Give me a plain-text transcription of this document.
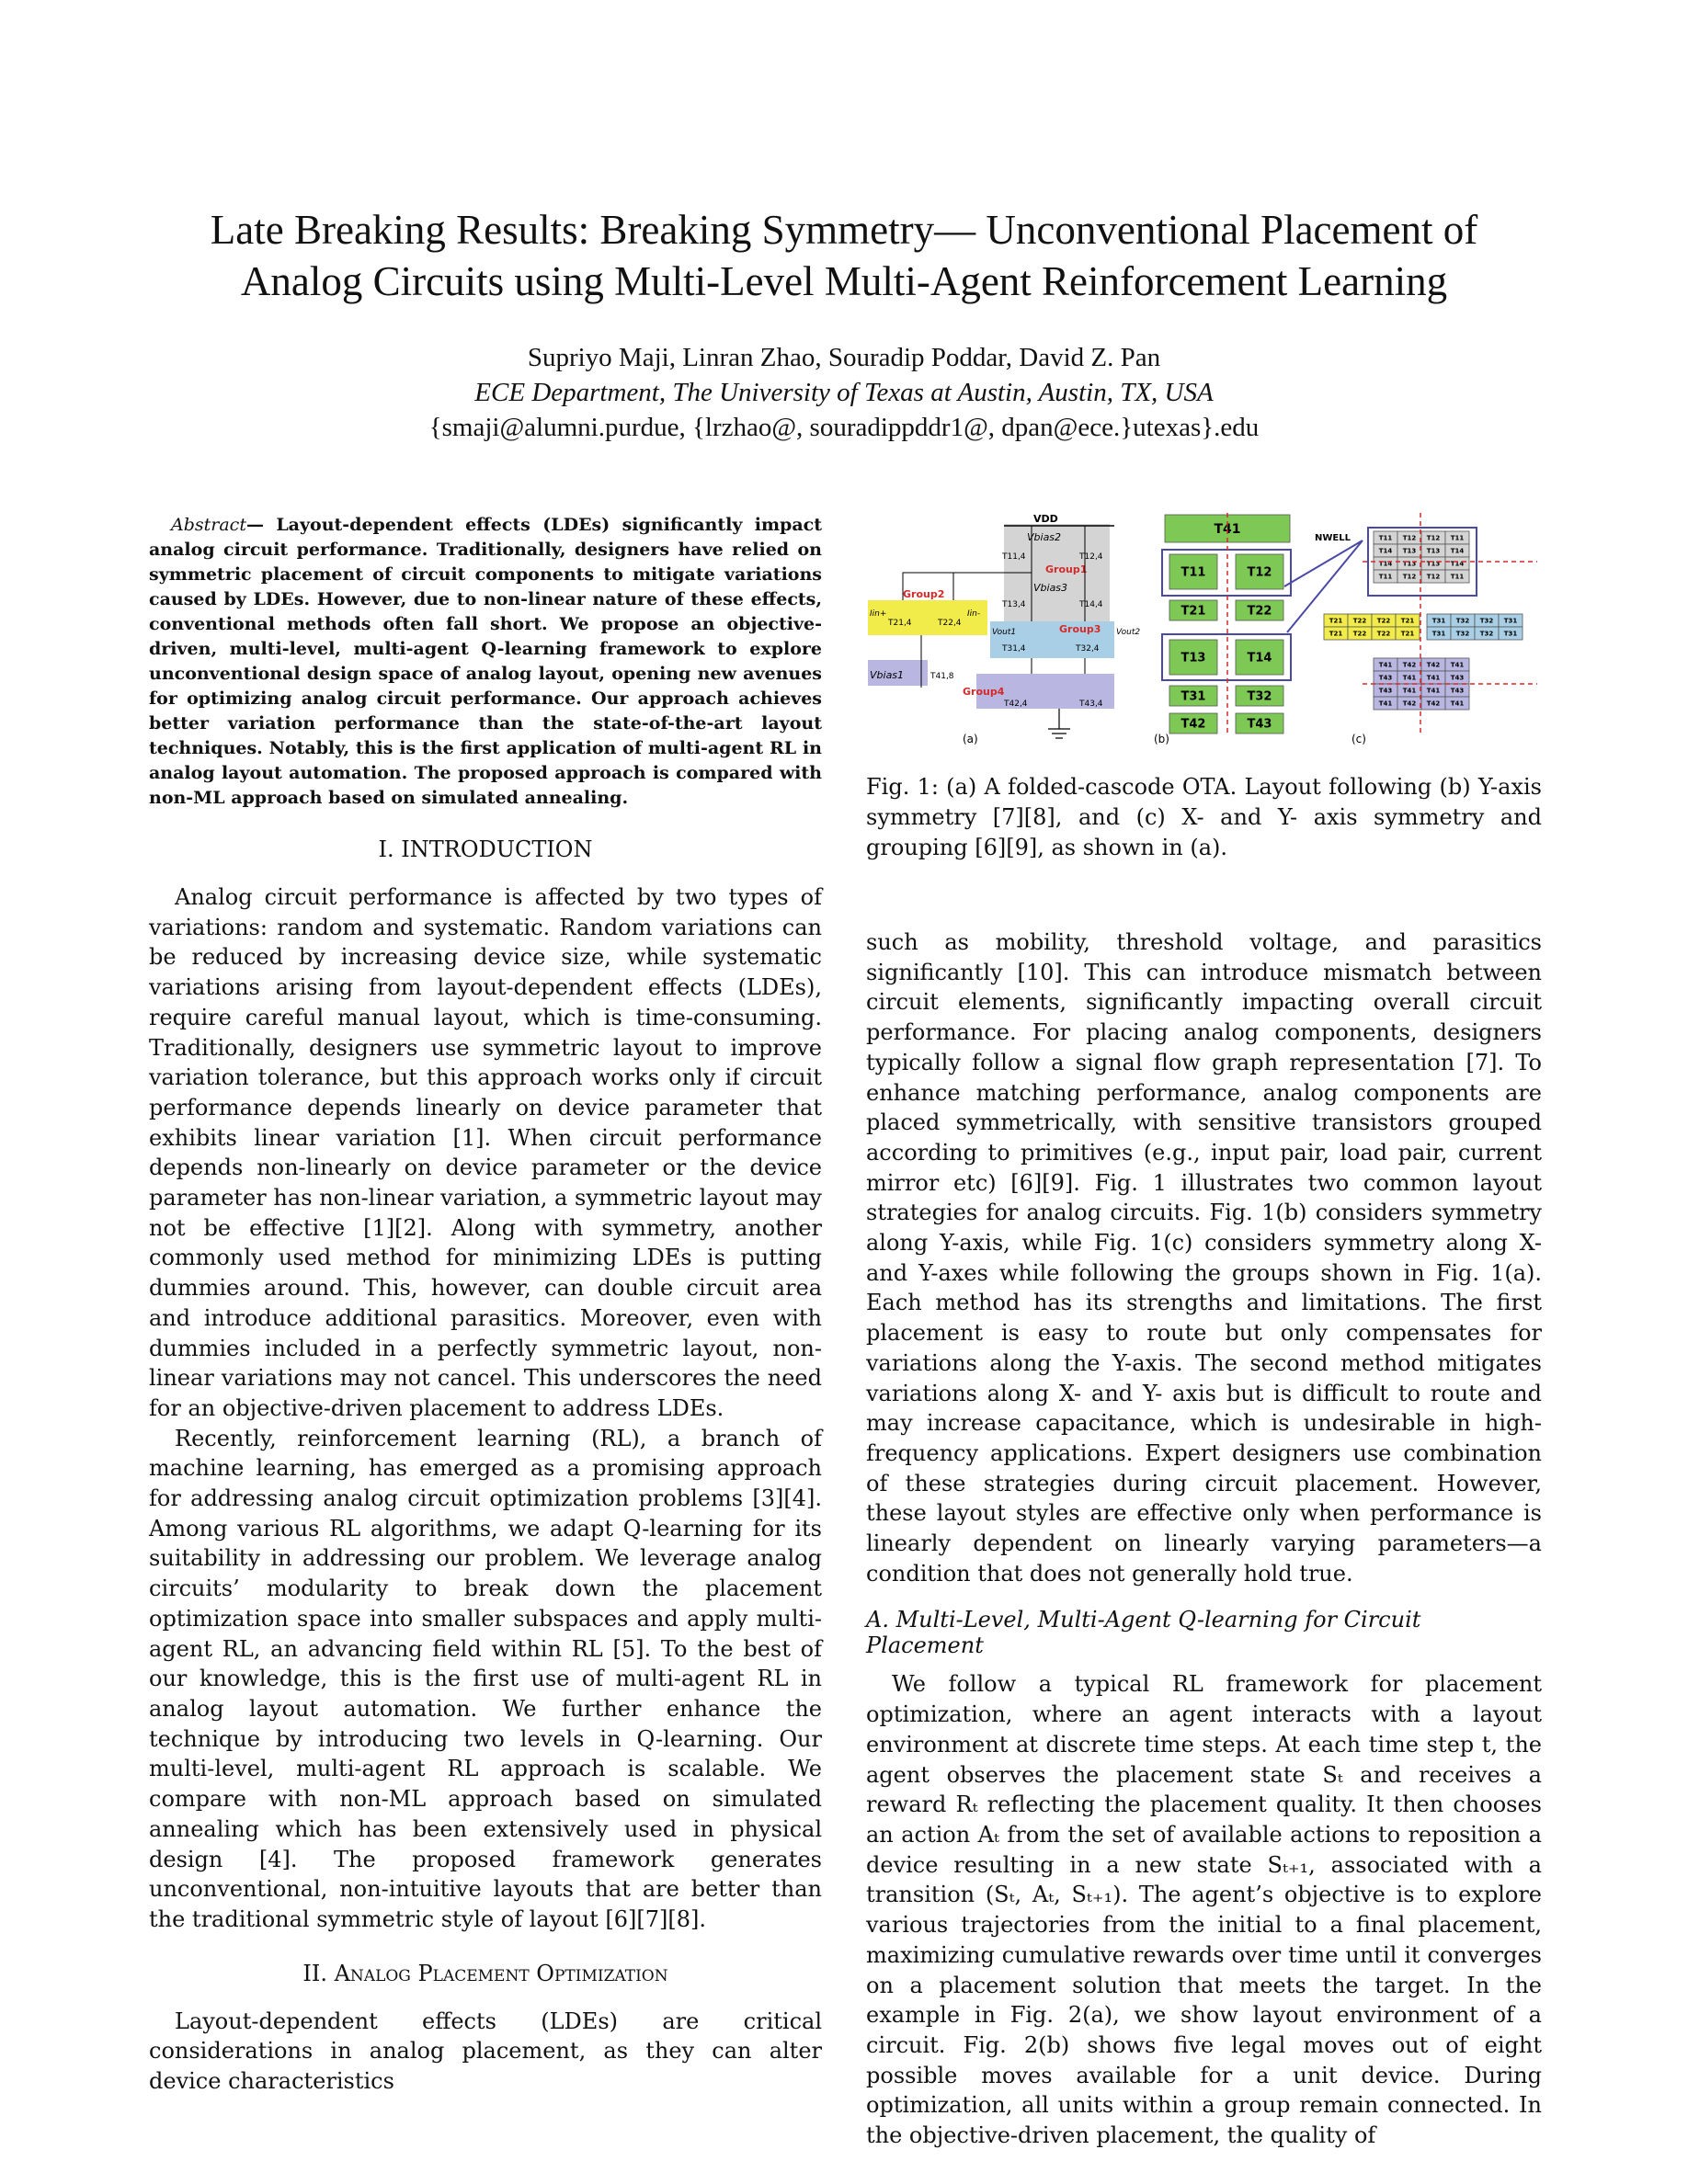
Late Breaking Results: Breaking Symmetry— Unconventional Placement of
Analog Circuits using Multi-Level Multi-Agent Reinforcement Learning
Supriyo Maji, Linran Zhao, Souradip Poddar, David Z. Pan
ECE Department, The University of Texas at Austin, Austin, TX, USA
{smaji@alumni.purdue, {lrzhao@, souradippddr1@, dpan@ece.}utexas}.edu

Abstract— Layout-dependent effects (LDEs) significantly impact analog circuit performance. Traditionally, designers have relied on symmetric placement of circuit components to mitigate variations caused by LDEs. However, due to non-linear nature of these effects, conventional methods often fall short. We propose an objective-driven, multi-level, multi-agent Q-learning framework to explore unconventional design space of analog layout, opening new avenues for optimizing analog circuit performance. Our approach achieves better variation performance than the state-of-the-art layout techniques. Notably, this is the first application of multi-agent RL in analog layout automation. The proposed approach is compared with non-ML approach based on simulated annealing.

I. INTRODUCTION

Analog circuit performance is affected by two types of variations: random and systematic. Random variations can be reduced by increasing device size, while systematic variations arising from layout-dependent effects (LDEs), require careful manual layout, which is time-consuming. Traditionally, designers use symmetric layout to improve variation tolerance, but this approach works only if circuit performance depends linearly on device parameter that exhibits linear variation [1]. When circuit performance depends non-linearly on device parameter or the device parameter has non-linear variation, a symmetric layout may not be effective [1][2]. Along with symmetry, another commonly used method for minimizing LDEs is putting dummies around. This, however, can double circuit area and introduce additional parasitics. Moreover, even with dummies included in a perfectly symmetric layout, non-linear variations may not cancel. This underscores the need for an objective-driven placement to address LDEs.

Recently, reinforcement learning (RL), a branch of machine learning, has emerged as a promising approach for addressing analog circuit optimization problems [3][4]. Among various RL algorithms, we adapt Q-learning for its suitability in addressing our problem. We leverage analog circuits’ modularity to break down the placement optimization space into smaller subspaces and apply multi-agent RL, an advancing field within RL [5]. To the best of our knowledge, this is the first use of multi-agent RL in analog layout automation. We further enhance the technique by introducing two levels in Q-learning. Our multi-level, multi-agent RL approach is scalable. We compare with non-ML approach based on simulated annealing which has been extensively used in physical design [4]. The proposed framework generates unconventional, non-intuitive layouts that are better than the traditional symmetric style of layout [6][7][8].

II. Analog Placement Optimization

Layout-dependent effects (LDEs) are critical considerations in analog placement, as they can alter device characteristics

VDD
Vbias2
T11,4	T12,4
Group1
Vbias3
T13,4	T14,4
Group2
Iin+	Iin-
T21,4	T22,4	Group3
Vout1	Vout2
T31,4	T32,4
Vbias1	T41,8
Group4
T42,4	T43,4
(a)
T41
T11	T12
T21	T22
T13	T14
T31	T32
T42	T43
(b)
NWELL	T11 T12 T12 T11
T14 T13 T13 T14
T14 T13 T13 T14
T11 T12 T12 T11
T21 T22 T22 T21	T31 T32 T32 T31
T21 T22 T22 T21	T31 T32 T32 T31
T41 T42 T42 T41
T43 T41 T41 T43
T43 T41 T41 T43
T41 T42 T42 T41
(c)

Fig. 1: (a) A folded-cascode OTA. Layout following (b) Y-axis symmetry [7][8], and (c) X- and Y- axis symmetry and grouping [6][9], as shown in (a).

such as mobility, threshold voltage, and parasitics significantly [10]. This can introduce mismatch between circuit elements, significantly impacting overall circuit performance. For placing analog components, designers typically follow a signal flow graph representation [7]. To enhance matching performance, analog components are placed symmetrically, with sensitive transistors grouped according to primitives (e.g., input pair, load pair, current mirror etc) [6][9]. Fig. 1 illustrates two common layout strategies for analog circuits. Fig. 1(b) considers symmetry along Y-axis, while Fig. 1(c) considers symmetry along X- and Y-axes while following the groups shown in Fig. 1(a). Each method has its strengths and limitations. The first placement is easy to route but only compensates for variations along the Y-axis. The second method mitigates variations along X- and Y- axis but is difficult to route and may increase capacitance, which is undesirable in high-frequency applications. Expert designers use combination of these strategies during circuit placement. However, these layout styles are effective only when performance is linearly dependent on linearly varying parameters—a condition that does not generally hold true.

A. Multi-Level, Multi-Agent Q-learning for Circuit Placement

We follow a typical RL framework for placement optimization, where an agent interacts with a layout environment at discrete time steps. At each time step t, the agent observes the placement state Sₜ and receives a reward Rₜ reflecting the placement quality. It then chooses an action Aₜ from the set of available actions to reposition a device resulting in a new state Sₜ₊₁, associated with a transition (Sₜ, Aₜ, Sₜ₊₁). The agent’s objective is to explore various trajectories from the initial to a final placement, maximizing cumulative rewards over time until it converges on a placement solution that meets the target. In the example in Fig. 2(a), we show layout environment of a circuit. Fig. 2(b) shows five legal moves out of eight possible moves available for a unit device. During optimization, all units within a group remain connected. In the objective-driven placement, the quality of
